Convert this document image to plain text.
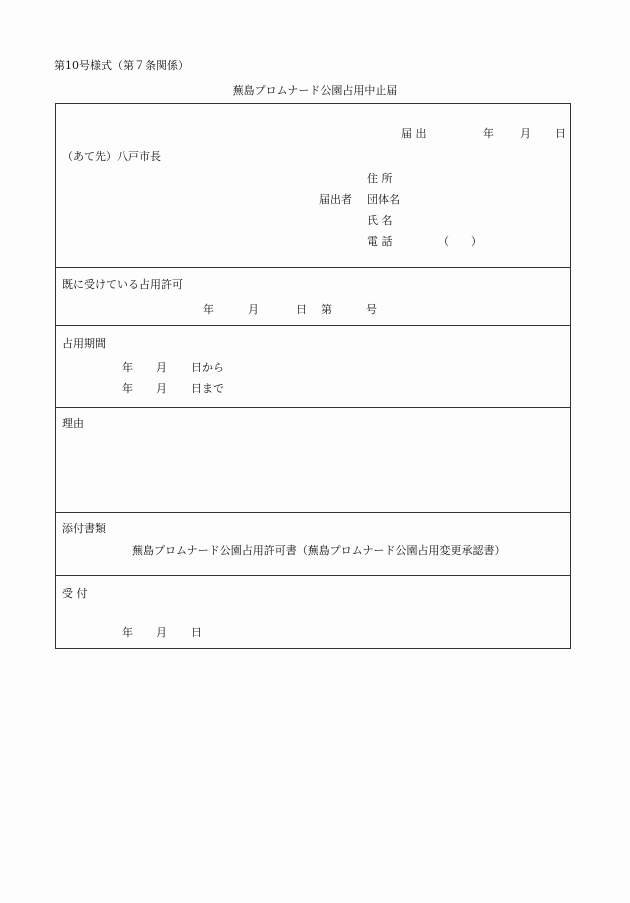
第10号様式（第７条関係）
蕪島プロムナード公園占用中止届
届 出	年 月 日
（あて先）八戸市長
住 所
届出者 団体名
氏 名
電 話	（　　）
既に受けている占用許可
年	月	日 第	号
占用期間
年 月 日から
年 月 日まで
理由
添付書類
蕪島プロムナード公園占用許可書（蕪島プロムナード公園占用変更承認書）
受 付
年 月 日
